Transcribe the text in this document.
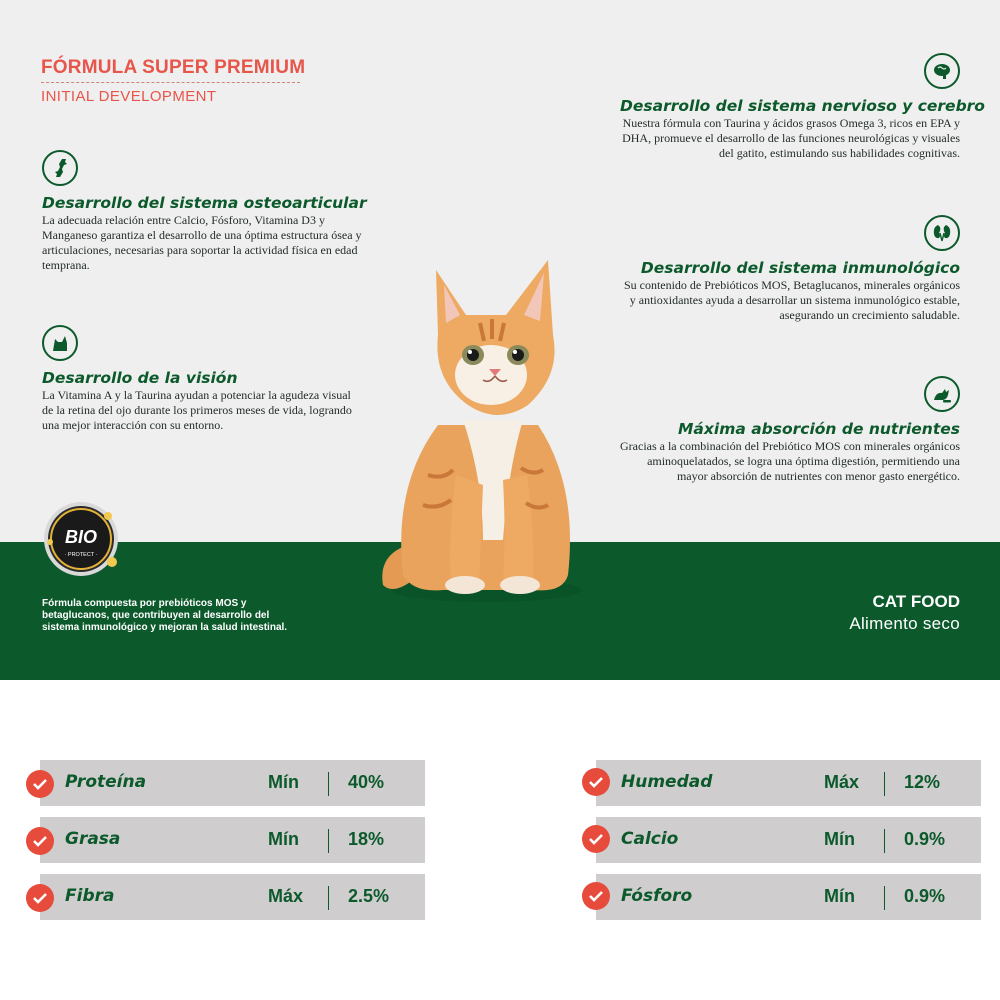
FÓRMULA SUPER PREMIUM
INITIAL DEVELOPMENT
Desarrollo del sistema osteoarticular
La adecuada relación entre Calcio, Fósforo, Vitamina D3 y Manganeso garantiza el desarrollo de una óptima estructura ósea y articulaciones, necesarias para soportar la actividad física en edad temprana.
Desarrollo de la visión
La Vitamina A y la Taurina ayudan a potenciar la agudeza visual de la retina del ojo durante los primeros meses de vida, logrando una mejor interacción con su entorno.
Desarrollo del sistema nervioso y cerebro
Nuestra fórmula con Taurina y ácidos grasos Omega 3, ricos en EPA y DHA, promueve el desarrollo de las funciones neurológicas y visuales del gatito, estimulando sus habilidades cognitivas.
Desarrollo del sistema inmunológico
Su contenido de Prebióticos MOS, Betaglucanos, minerales orgánicos y antioxidantes ayuda a desarrollar un sistema inmunológico estable, asegurando un crecimiento saludable.
Máxima absorción de nutrientes
Gracias a la combinación del Prebiótico MOS con minerales orgánicos aminoquelatados, se logra una óptima digestión, permitiendo una mayor absorción de nutrientes con menor gasto energético.
BIO
· PROTECT ·
Fórmula compuesta por prebióticos MOS y betaglucanos, que contribuyen al desarrollo del sistema inmunológico y mejoran la salud intestinal.
CAT FOOD
Alimento seco
Proteína	Mín	40%
Grasa	Mín	18%
Fibra	Máx 2.5%
Humedad	Máx 12%
Calcio	Mín	0.9%
Fósforo	Mín	0.9%
